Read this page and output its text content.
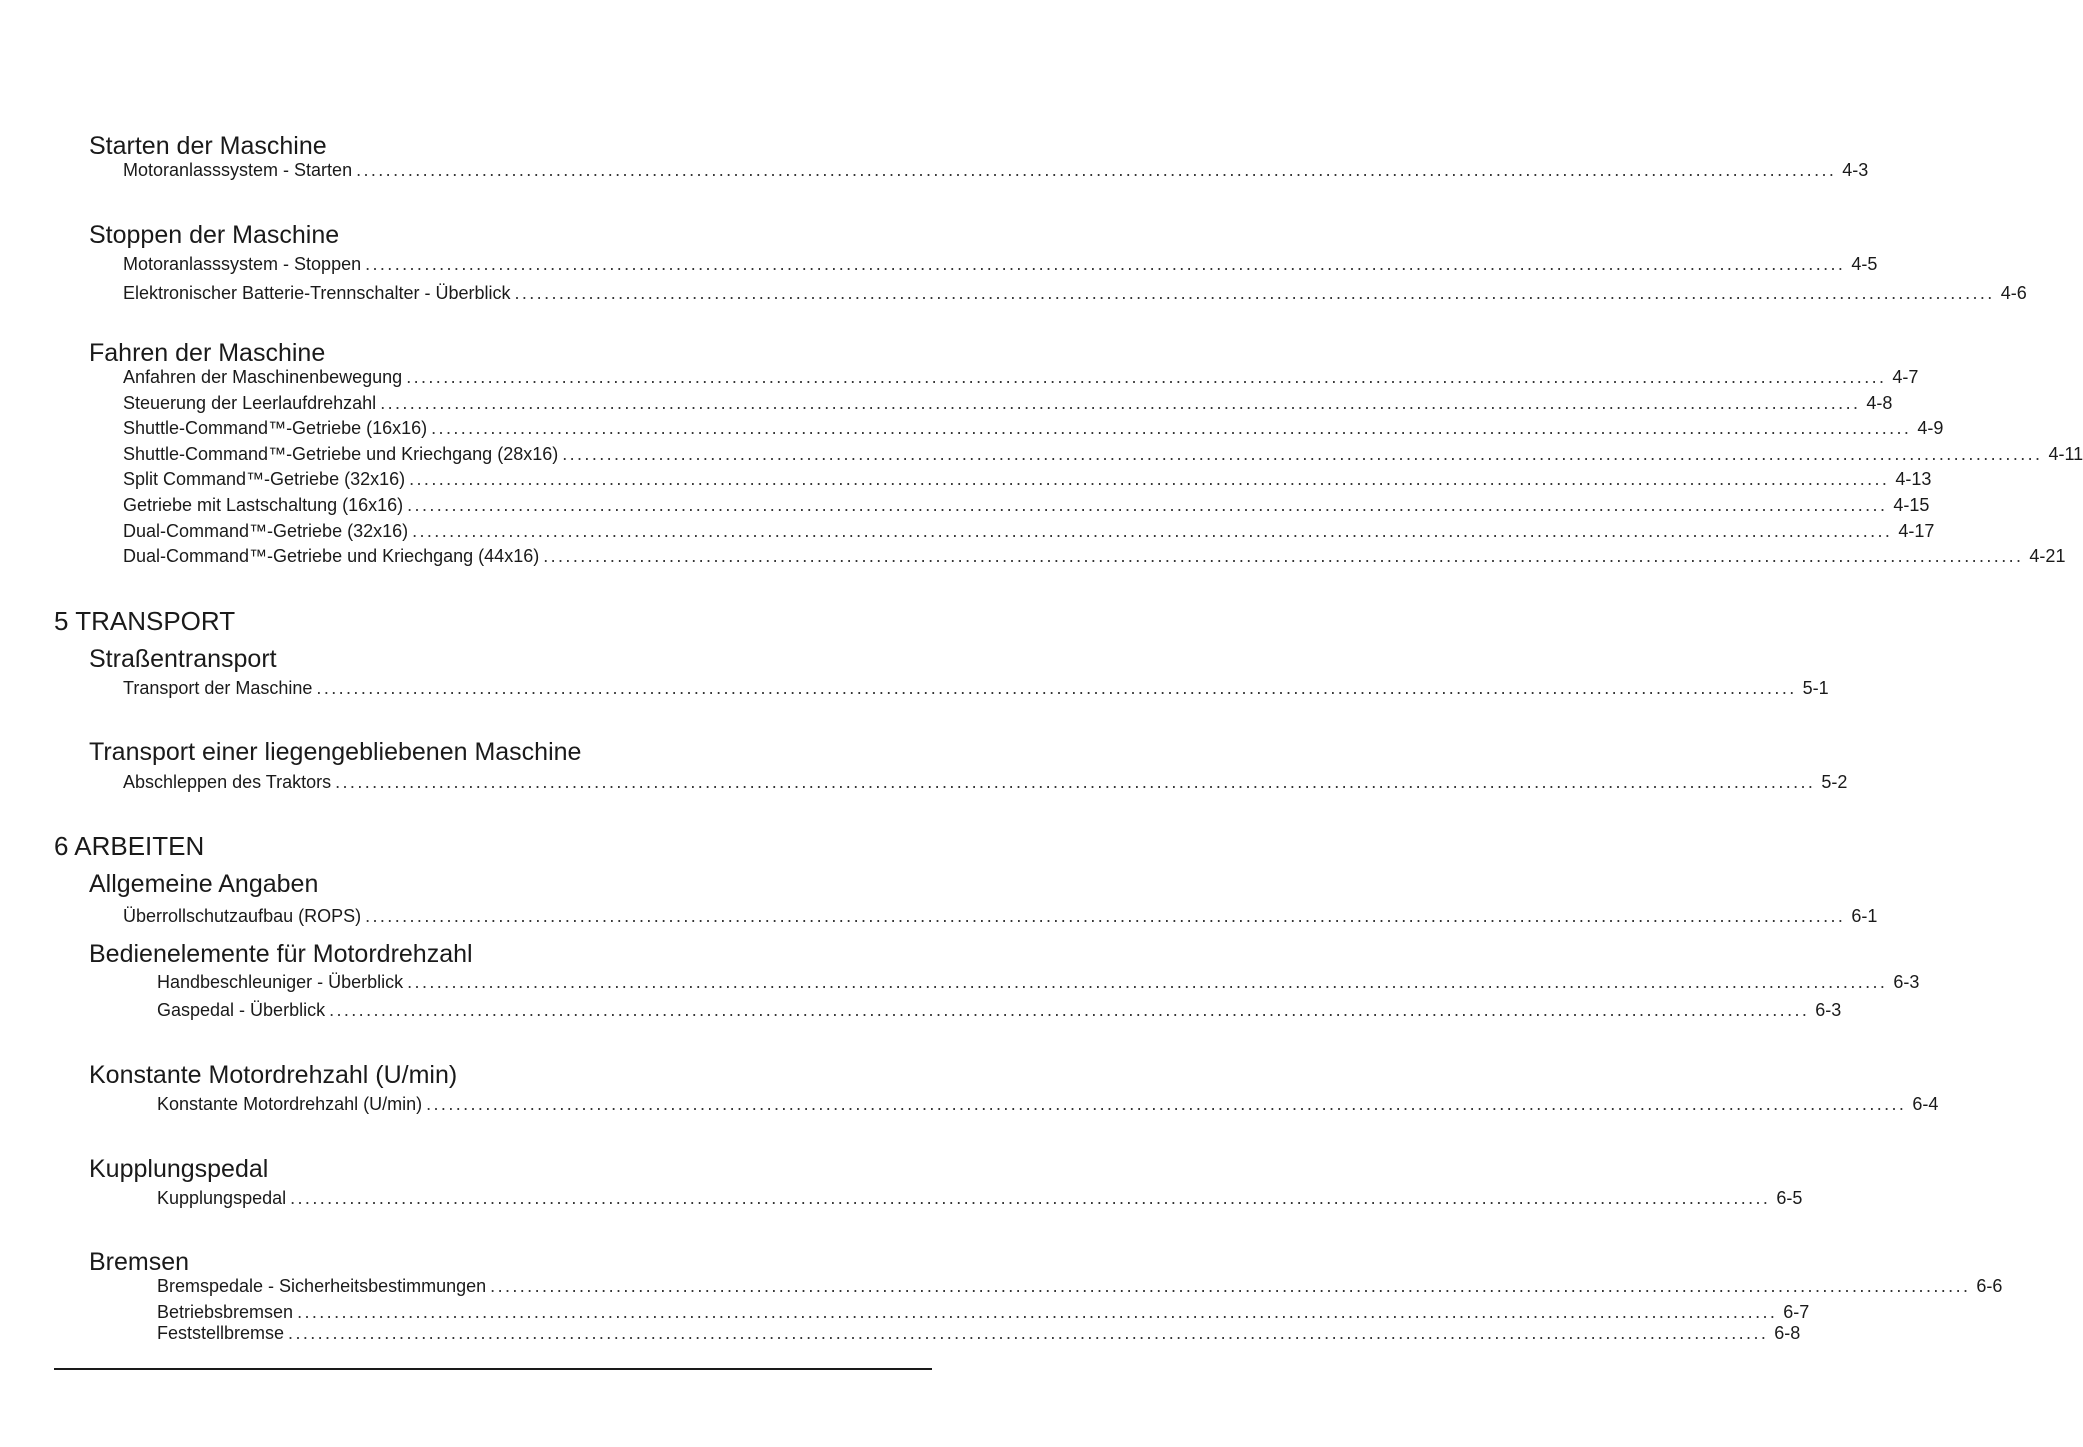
Starten der Maschine
Motoranlasssystem - Starten ........................................................................................................................................................................................................ 4-3
Stoppen der Maschine
Motoranlasssystem - Stoppen ........................................................................................................................................................................................................ 4-5
Elektronischer Batterie-Trennschalter - Überblick ........................................................................................................................................................................................................ 4-6
Fahren der Maschine
Anfahren der Maschinenbewegung ........................................................................................................................................................................................................ 4-7
Steuerung der Leerlaufdrehzahl ........................................................................................................................................................................................................ 4-8
Shuttle-Command™-Getriebe (16x16) ........................................................................................................................................................................................................ 4-9
Shuttle-Command™-Getriebe und Kriechgang (28x16) ........................................................................................................................................................................................................ 4-11
Split Command™-Getriebe (32x16) ........................................................................................................................................................................................................ 4-13
Getriebe mit Lastschaltung (16x16) ........................................................................................................................................................................................................ 4-15
Dual-Command™-Getriebe (32x16) ........................................................................................................................................................................................................ 4-17
Dual-Command™-Getriebe und Kriechgang (44x16) ........................................................................................................................................................................................................ 4-21
5 TRANSPORT
Straßentransport
Transport der Maschine ........................................................................................................................................................................................................ 5-1
Transport einer liegengebliebenen Maschine
Abschleppen des Traktors ........................................................................................................................................................................................................ 5-2
6 ARBEITEN
Allgemeine Angaben
Überrollschutzaufbau (ROPS) ........................................................................................................................................................................................................ 6-1
Bedienelemente für Motordrehzahl
Handbeschleuniger - Überblick ........................................................................................................................................................................................................ 6-3
Gaspedal - Überblick ........................................................................................................................................................................................................ 6-3
Konstante Motordrehzahl (U/min)
Konstante Motordrehzahl (U/min) ........................................................................................................................................................................................................ 6-4
Kupplungspedal
Kupplungspedal ........................................................................................................................................................................................................ 6-5
Bremsen
Bremspedale - Sicherheitsbestimmungen ........................................................................................................................................................................................................ 6-6
Betriebsbremsen ........................................................................................................................................................................................................ 6-7
Feststellbremse ........................................................................................................................................................................................................ 6-8
